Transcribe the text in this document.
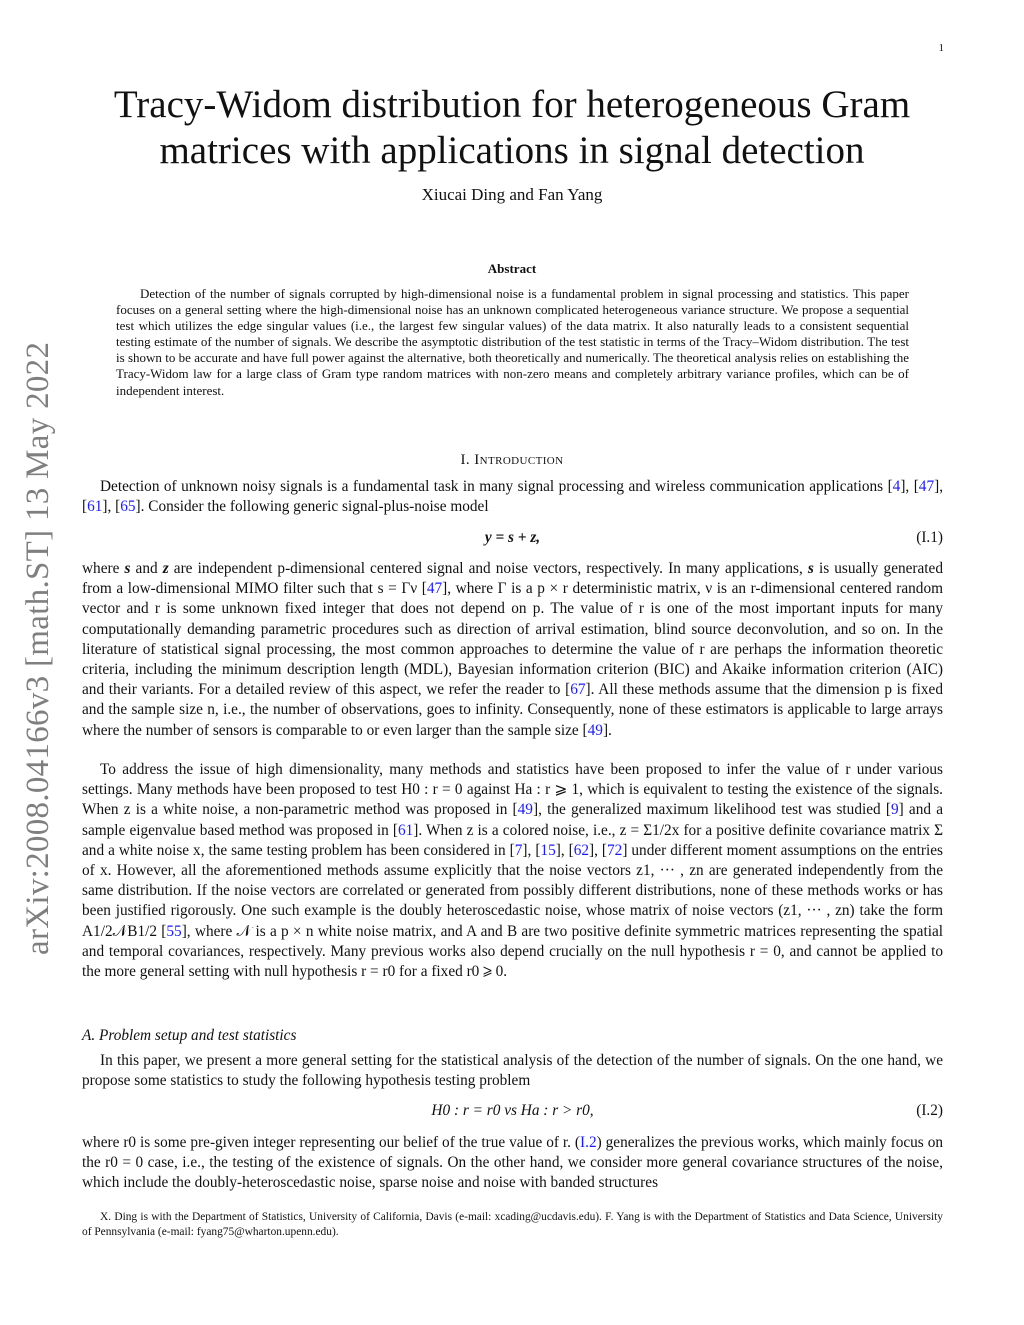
1
arXiv:2008.04166v3 [math.ST] 13 May 2022
Tracy-Widom distribution for heterogeneous Gram
matrices with applications in signal detection
Xiucai Ding and Fan Yang
Abstract

Detection of the number of signals corrupted by high-dimensional noise is a fundamental problem in signal processing and statistics. This paper focuses on a general setting where the high-dimensional noise has an unknown complicated heterogeneous variance structure. We propose a sequential test which utilizes the edge singular values (i.e., the largest few singular values) of the data matrix. It also naturally leads to a consistent sequential testing estimate of the number of signals. We describe the asymptotic distribution of the test statistic in terms of the Tracy–Widom distribution. The test is shown to be accurate and have full power against the alternative, both theoretically and numerically. The theoretical analysis relies on establishing the Tracy-Widom law for a large class of Gram type random matrices with non-zero means and completely arbitrary variance profiles, which can be of independent interest.

I. Introduction

Detection of unknown noisy signals is a fundamental task in many signal processing and wireless communication applications [4], [47], [61], [65]. Consider the following generic signal-plus-noise model

y = s + z,	(I.1)

where s and z are independent p-dimensional centered signal and noise vectors, respectively. In many applications, s is usually generated from a low-dimensional MIMO filter such that s = Γν [47], where Γ is a p × r deterministic matrix, ν is an r-dimensional centered random vector and r is some unknown fixed integer that does not depend on p. The value of r is one of the most important inputs for many computationally demanding parametric procedures such as direction of arrival estimation, blind source deconvolution, and so on. In the literature of statistical signal processing, the most common approaches to determine the value of r are perhaps the information theoretic criteria, including the minimum description length (MDL), Bayesian information criterion (BIC) and Akaike information criterion (AIC) and their variants. For a detailed review of this aspect, we refer the reader to [67]. All these methods assume that the dimension p is fixed and the sample size n, i.e., the number of observations, goes to infinity. Consequently, none of these estimators is applicable to large arrays where the number of sensors is comparable to or even larger than the sample size [49].

To address the issue of high dimensionality, many methods and statistics have been proposed to infer the value of r under various settings. Many methods have been proposed to test H0 : r = 0 against Ha : r ⩾ 1, which is equivalent to testing the existence of the signals. When z is a white noise, a non-parametric method was proposed in [49], the generalized maximum likelihood test was studied [9] and a sample eigenvalue based method was proposed in [61]. When z is a colored noise, i.e., z = Σ1/2x for a positive definite covariance matrix Σ and a white noise x, the same testing problem has been considered in [7], [15], [62], [72] under different moment assumptions on the entries of x. However, all the aforementioned methods assume explicitly that the noise vectors z1, ··· , zn are generated independently from the same distribution. If the noise vectors are correlated or generated from possibly different distributions, none of these methods works or has been justified rigorously. One such example is the doubly heteroscedastic noise, whose matrix of noise vectors (z1, ··· , zn) take the form A1/2𝒩B1/2 [55], where 𝒩 is a p × n white noise matrix, and A and B are two positive definite symmetric matrices representing the spatial and temporal covariances, respectively. Many previous works also depend crucially on the null hypothesis r = 0, and cannot be applied to the more general setting with null hypothesis r = r0 for a fixed r0 ⩾ 0.

A. Problem setup and test statistics

In this paper, we present a more general setting for the statistical analysis of the detection of the number of signals. On the one hand, we propose some statistics to study the following hypothesis testing problem

H0 : r = r0 vs Ha : r > r0,	(I.2)

where r0 is some pre-given integer representing our belief of the true value of r. (I.2) generalizes the previous works, which mainly focus on the r0 = 0 case, i.e., the testing of the existence of signals. On the other hand, we consider more general covariance structures of the noise, which include the doubly-heteroscedastic noise, sparse noise and noise with banded structures

X. Ding is with the Department of Statistics, University of California, Davis (e-mail: xcading@ucdavis.edu). F. Yang is with the Department of Statistics and Data Science, University of Pennsylvania (e-mail: fyang75@wharton.upenn.edu).
